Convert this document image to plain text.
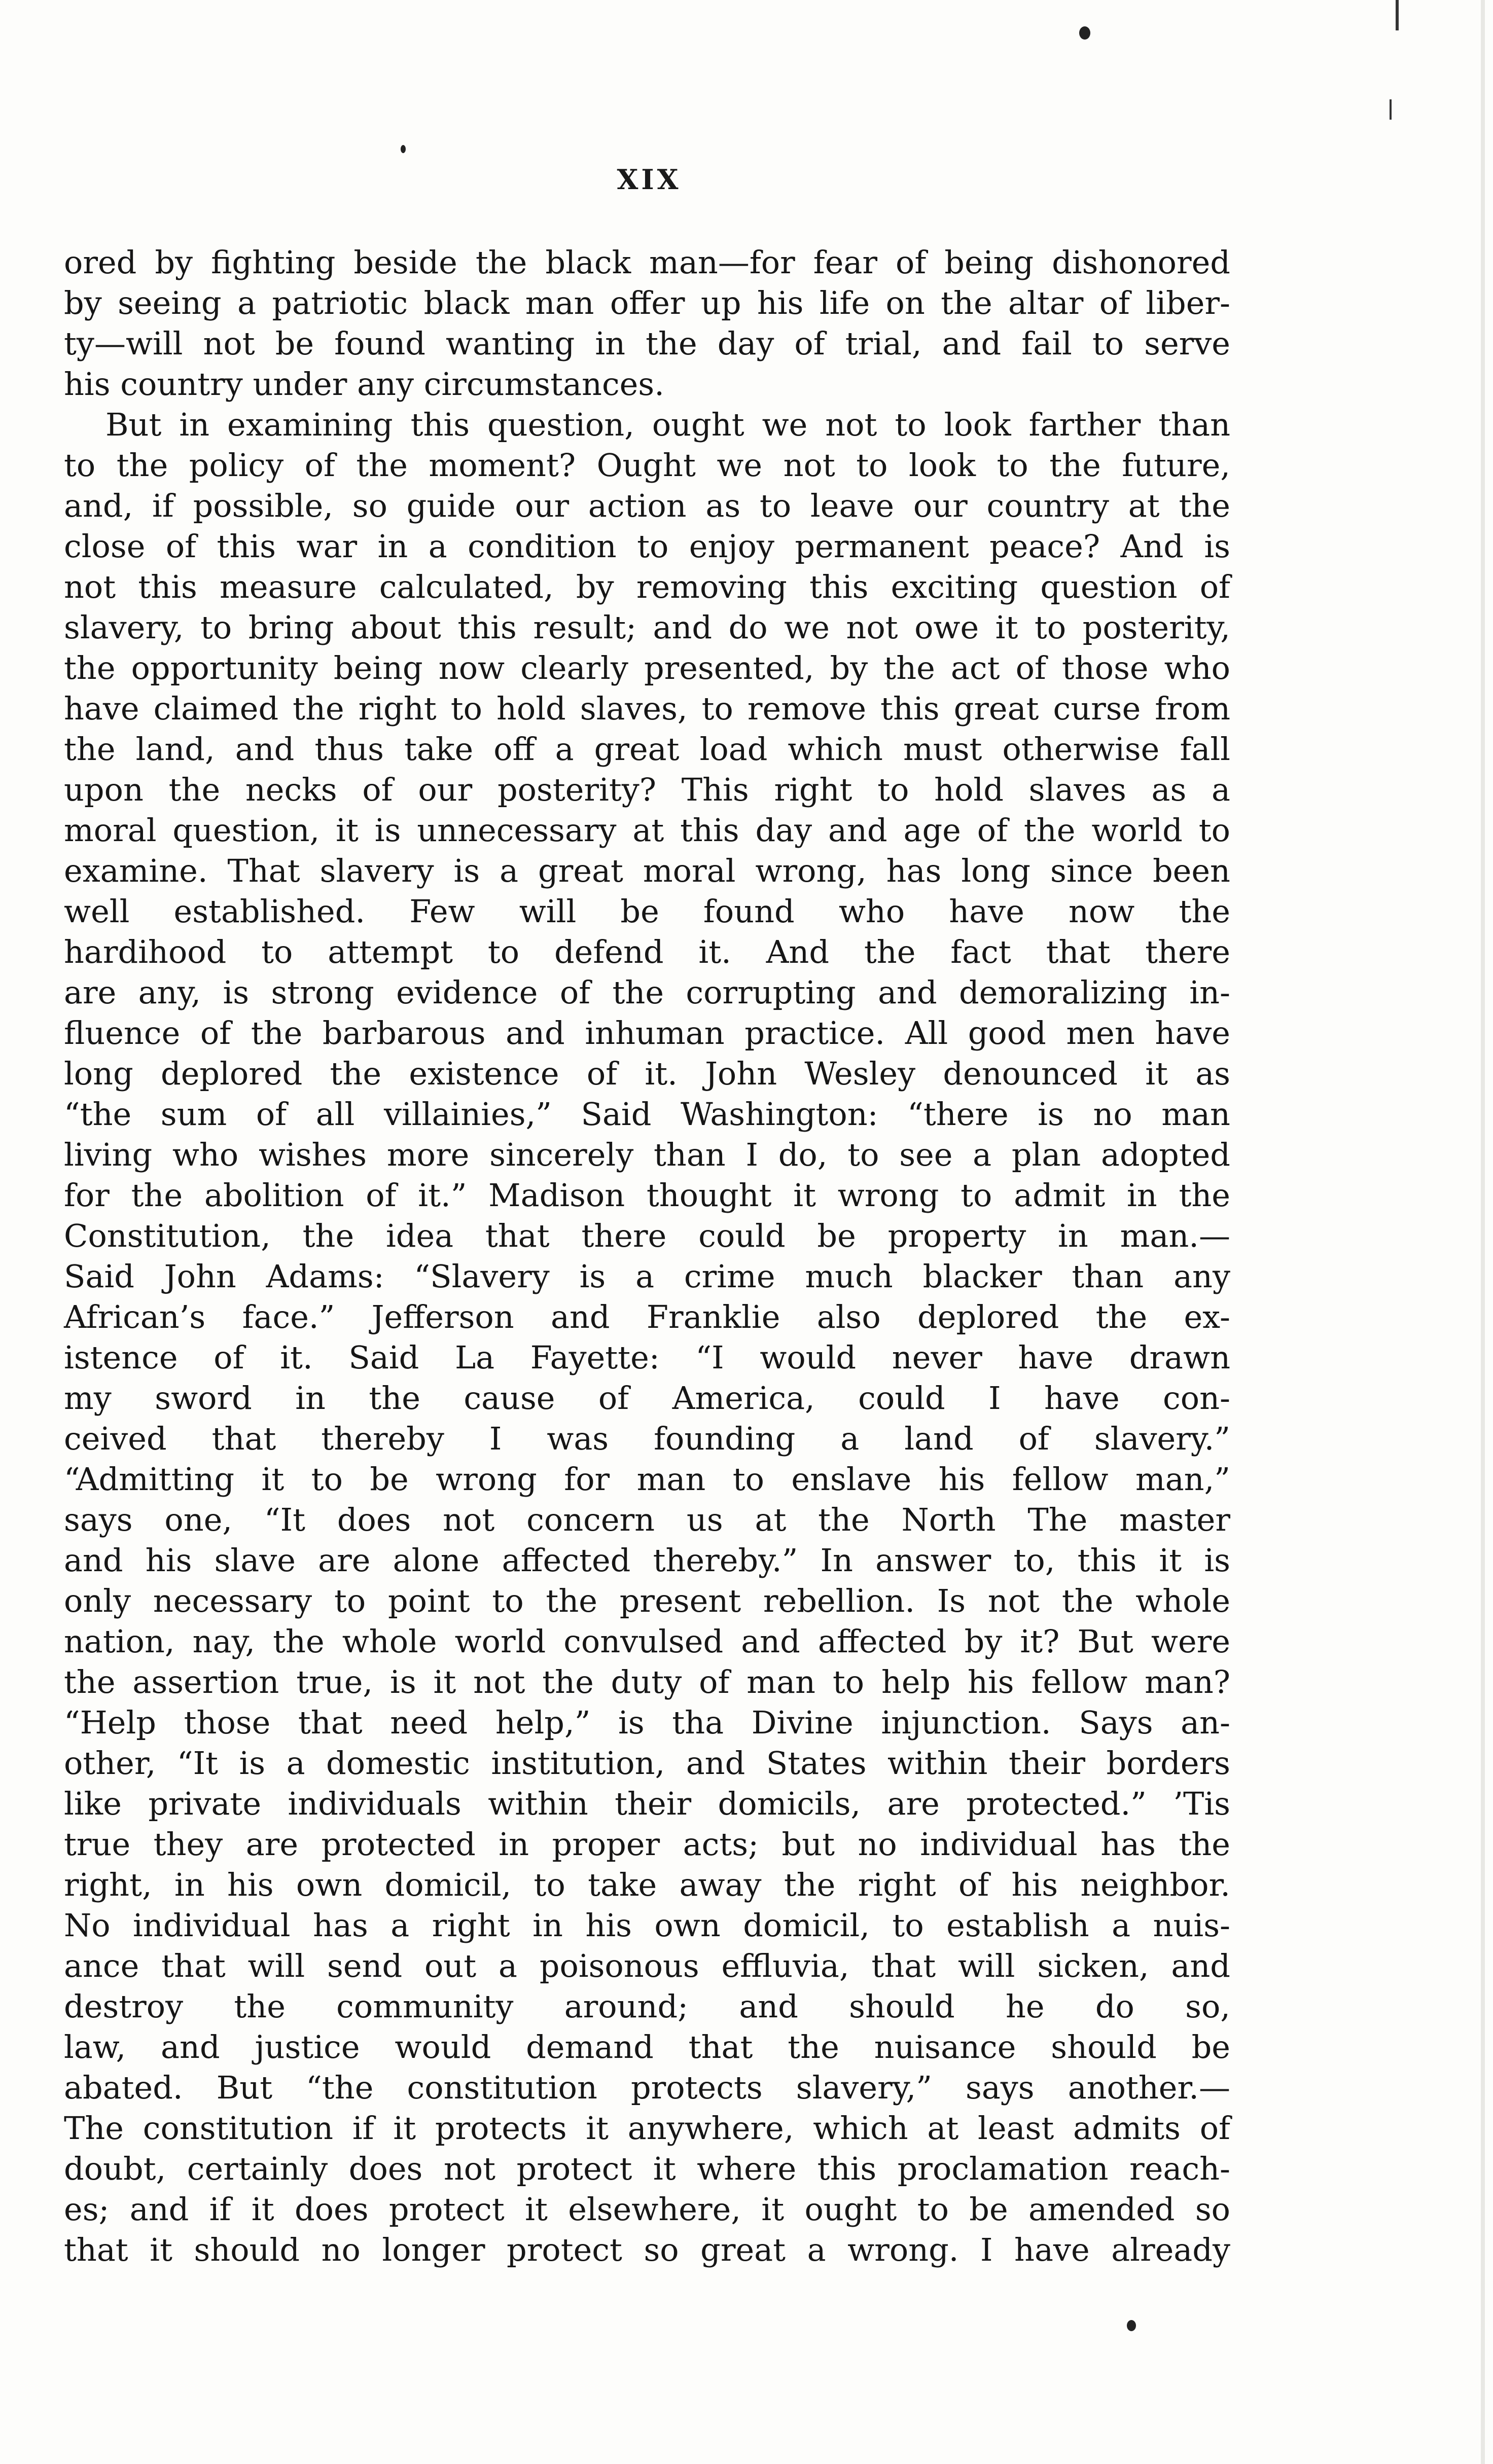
XIX
ored by fighting beside the black man—for fear of being dishonored
by seeing a patriotic black man offer up his life on the altar of liber-
ty—will not be found wanting in the day of trial, and fail to serve
his country under any circumstances.
But in examining this question, ought we not to look farther than
to the policy of the moment? Ought we not to look to the future,
and, if possible, so guide our action as to leave our country at the
close of this war in a condition to enjoy permanent peace? And is
not this measure calculated, by removing this exciting question of
slavery, to bring about this result; and do we not owe it to posterity,
the opportunity being now clearly presented, by the act of those who
have claimed the right to hold slaves, to remove this great curse from
the land, and thus take off a great load which must otherwise fall
upon the necks of our posterity? This right to hold slaves as a
moral question, it is unnecessary at this day and age of the world to
examine. That slavery is a great moral wrong, has long since been
well established. Few will be found who have now the
hardihood to attempt to defend it. And the fact that there
are any, is strong evidence of the corrupting and demoralizing in-
fluence of the barbarous and inhuman practice. All good men have
long deplored the existence of it. John Wesley denounced it as
“the sum of all villainies,” Said Washington: “there is no man
living who wishes more sincerely than I do, to see a plan adopted
for the abolition of it.” Madison thought it wrong to admit in the
Constitution, the idea that there could be property in man.—
Said John Adams: “Slavery is a crime much blacker than any
African’s face.” Jefferson and Franklie also deplored the ex-
istence of it. Said La Fayette: “I would never have drawn
my sword in the cause of America, could I have con-
ceived that thereby I was founding a land of slavery.”
“Admitting it to be wrong for man to enslave his fellow man,”
says one, “It does not concern us at the North The master
and his slave are alone affected thereby.” In answer to, this it is
only necessary to point to the present rebellion. Is not the whole
nation, nay, the whole world convulsed and affected by it? But were
the assertion true, is it not the duty of man to help his fellow man?
“Help those that need help,” is tha Divine injunction. Says an-
other, “It is a domestic institution, and States within their borders
like private individuals within their domicils, are protected.” ’Tis
true they are protected in proper acts; but no individual has the
right, in his own domicil, to take away the right of his neighbor.
No individual has a right in his own domicil, to establish a nuis-
ance that will send out a poisonous effluvia, that will sicken, and
destroy the community around; and should he do so,
law, and justice would demand that the nuisance should be
abated. But “the constitution protects slavery,” says another.—
The constitution if it protects it anywhere, which at least admits of
doubt, certainly does not protect it where this proclamation reach-
es; and if it does protect it elsewhere, it ought to be amended so
that it should no longer protect so great a wrong. I have already
